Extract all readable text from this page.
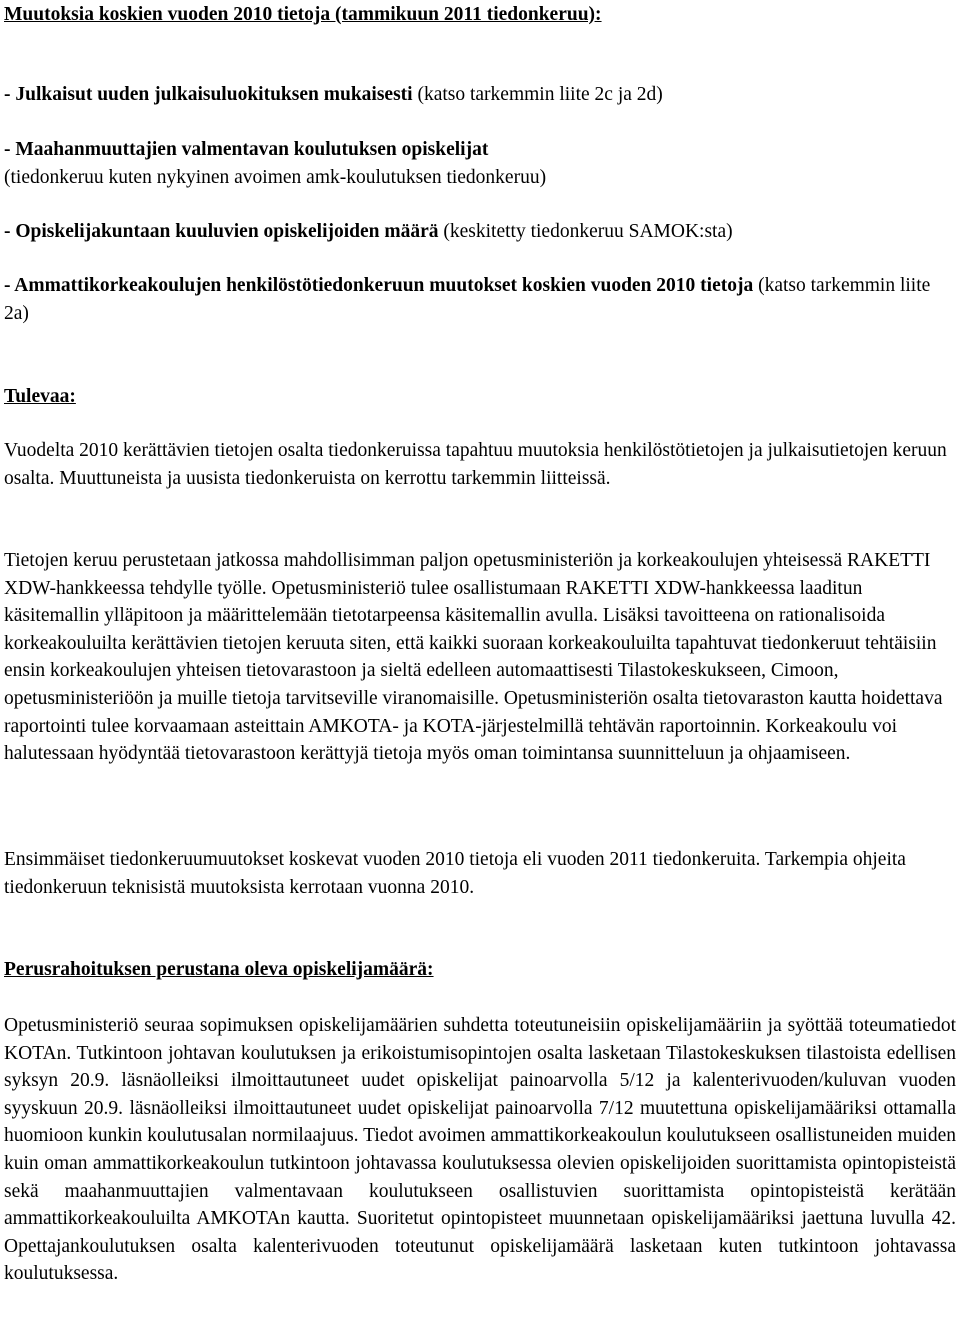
Muutoksia koskien vuoden 2010 tietoja (tammikuun 2011 tiedonkeruu):

- Julkaisut uuden julkaisuluokituksen mukaisesti (katso tarkemmin liite 2c ja 2d)

- Maahanmuuttajien valmentavan koulutuksen opiskelijat
(tiedonkeruu kuten nykyinen avoimen amk-koulutuksen tiedonkeruu)

- Opiskelijakuntaan kuuluvien opiskelijoiden määrä (keskitetty tiedonkeruu SAMOK:sta)

- Ammattikorkeakoulujen henkilöstötiedonkeruun muutokset koskien vuoden 2010 tietoja (katso tarkemmin liite 2a)

Tulevaa:

Vuodelta 2010 kerättävien tietojen osalta tiedonkeruissa tapahtuu muutoksia henkilöstötietojen ja julkaisutietojen keruun osalta. Muuttuneista ja uusista tiedonkeruista on kerrottu tarkemmin liitteissä.

Tietojen keruu perustetaan jatkossa mahdollisimman paljon opetusministeriön ja korkeakoulujen yhteisessä RAKETTI XDW-hankkeessa tehdylle työlle. Opetusministeriö tulee osallistumaan RAKETTI XDW-hankkeessa laaditun käsitemallin ylläpitoon ja määrittelemään tietotarpeensa käsitemallin avulla. Lisäksi tavoitteena on rationalisoida korkeakouluilta kerättävien tietojen keruuta siten, että kaikki suoraan korkeakouluilta tapahtuvat tiedonkeruut tehtäisiin ensin korkeakoulujen yhteisen tietovarastoon ja sieltä edelleen automaattisesti Tilastokeskukseen, Cimoon, opetusministeriöön ja muille tietoja tarvitseville viranomaisille. Opetusministeriön osalta tietovaraston kautta hoidettava raportointi tulee korvaamaan asteittain AMKOTA- ja KOTA-järjestelmillä tehtävän raportoinnin. Korkeakoulu voi halutessaan hyödyntää tietovarastoon kerättyjä tietoja myös oman toimintansa suunnitteluun ja ohjaamiseen.

Ensimmäiset tiedonkeruumuutokset koskevat vuoden 2010 tietoja eli vuoden 2011 tiedonkeruita. Tarkempia ohjeita tiedonkeruun teknisistä muutoksista kerrotaan vuonna 2010.

Perusrahoituksen perustana oleva opiskelijamäärä:

Opetusministeriö seuraa sopimuksen opiskelijamäärien suhdetta toteutuneisiin opiskelijamääriin ja syöttää toteumatiedot KOTAn. Tutkintoon johtavan koulutuksen ja erikoistumisopintojen osalta lasketaan Tilastokeskuksen tilastoista edellisen syksyn 20.9. läsnäolleiksi ilmoittautuneet uudet opiskelijat painoarvolla 5/12 ja kalenterivuoden/kuluvan vuoden syyskuun 20.9. läsnäolleiksi ilmoittautuneet uudet opiskelijat painoarvolla 7/12 muutettuna opiskelijamääriksi ottamalla huomioon kunkin koulutusalan normilaajuus. Tiedot avoimen ammattikorkeakoulun koulutukseen osallistuneiden muiden kuin oman ammattikorkeakoulun tutkintoon johtavassa koulutuksessa olevien opiskelijoiden suorittamista opintopisteistä sekä maahanmuuttajien valmentavaan koulutukseen osallistuvien suorittamista opintopisteistä kerätään ammattikorkeakouluilta AMKOTAn kautta. Suoritetut opintopisteet muunnetaan opiskelijamääriksi jaettuna luvulla 42. Opettajankoulutuksen osalta kalenterivuoden toteutunut opiskelijamäärä lasketaan kuten tutkintoon johtavassa koulutuksessa.
